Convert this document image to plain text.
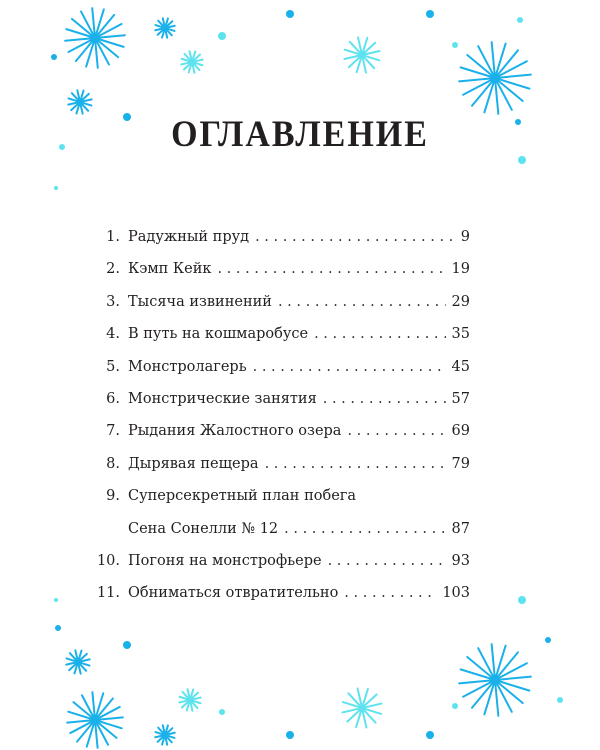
ОГЛАВЛЕНИЕ
1. Радужный пруд . . .	9
2. Кэмп Кейк . . .	19
3. Тысяча извинений . . .	29
4. В путь на кошмаробусе . . .	35
5. Монстролагерь . . .	45
6. Монстрические занятия . . .	57
7. Рыдания Жалостного озера . . .	69
8. Дырявая пещера . . .	79
9. Суперсекретный план побега
Сена Сонелли № 12 . . .	87
10. Погоня на монстрофьере . . .	93
11. Обниматься отвратительно . . .	103
